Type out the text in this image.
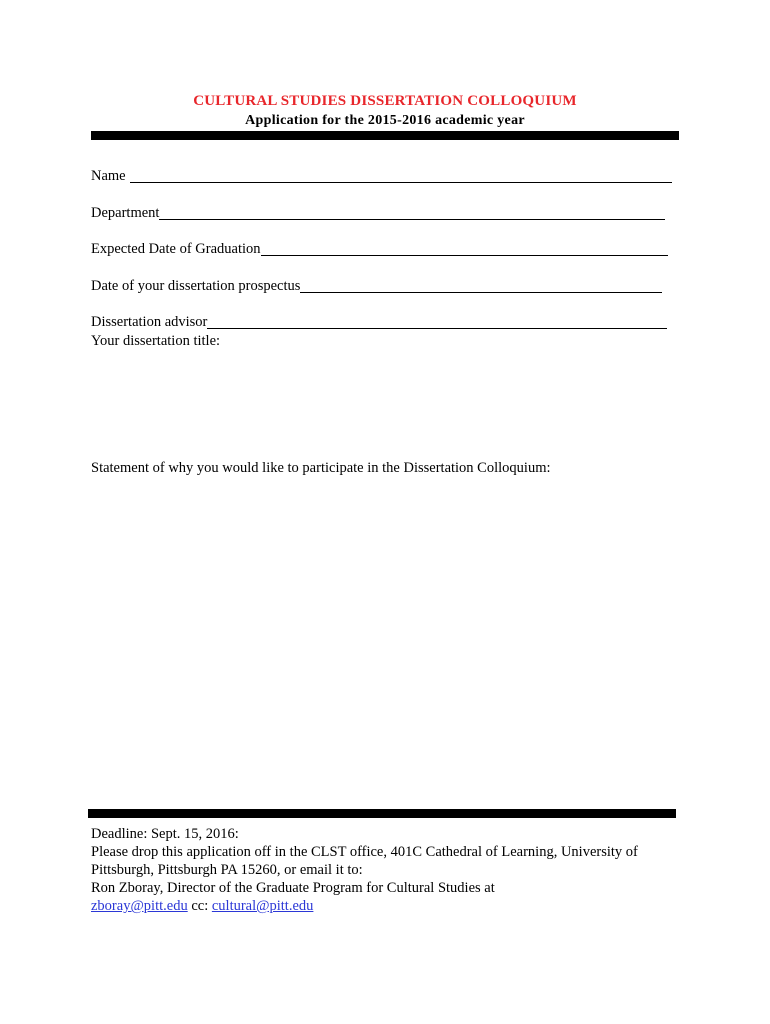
CULTURAL STUDIES DISSERTATION COLLOQUIUM
Application for the 2015-2016 academic year
Name
Department
Expected Date of Graduation
Date of your dissertation prospectus
Dissertation advisor
Your dissertation title:
Statement of why you would like to participate in the Dissertation Colloquium:

Deadline: Sept. 15, 2016:

Please drop this application off in the CLST office, 401C Cathedral of Learning, University of

Pittsburgh, Pittsburgh PA 15260, or email it to:

Ron Zboray, Director of the Graduate Program for Cultural Studies at

zboray@pitt.edu cc: cultural@pitt.edu
